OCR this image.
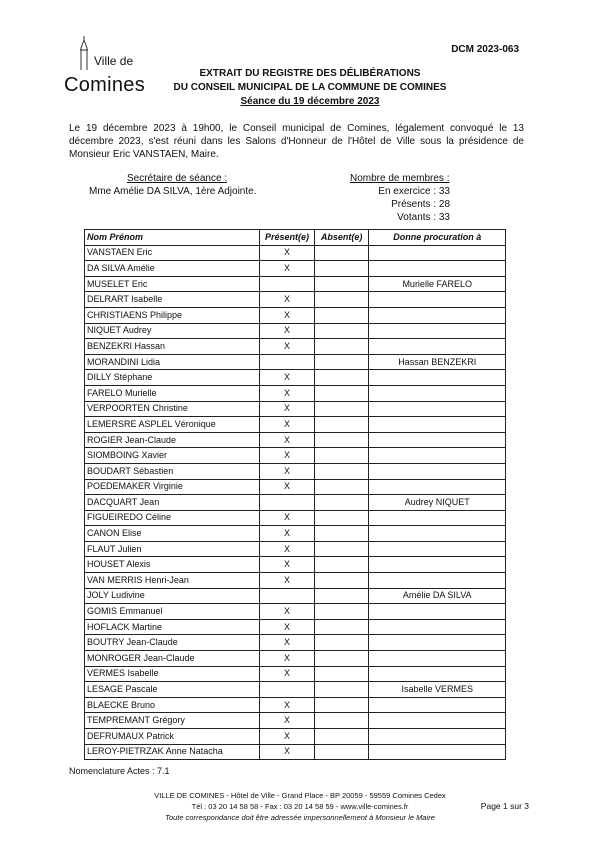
Ville de
Comines
DCM 2023-063
EXTRAIT DU REGISTRE DES DÉLIBÉRATIONS
DU CONSEIL MUNICIPAL DE LA COMMUNE DE COMINES
Séance du 19 décembre 2023
Le 19 décembre 2023 à 19h00, le Conseil municipal de Comines, légalement convoqué le 13 décembre 2023, s'est réuni dans les Salons d'Honneur de l'Hôtel de Ville sous la présidence de Monsieur Eric VANSTAEN, Maire.
Secrétaire de séance :
Mme Amélie DA SILVA, 1ère Adjointe.
Nombre de membres :
En exercice : 33
Présents : 28
Votants : 33
Nom Prénom	Présent(e)	Absent(e)	Donne procuration à
VANSTAEN Eric	X		
DA SILVA Amélie	X		
MUSELET Eric			Murielle FARELO
DELRART Isabelle	X		
CHRISTIAENS Philippe	X		
NIQUET Audrey	X		
BENZEKRI Hassan	X		
MORANDINI Lidia			Hassan BENZEKRI
DILLY Stéphane	X		
FARELO Murielle	X		
VERPOORTEN Christine	X		
LEMERSRE ASPLEL Véronique	X		
ROGIER Jean-Claude	X		
SIOMBOING Xavier	X		
BOUDART Sébastien	X		
POEDEMAKER Virginie	X		
DACQUART Jean			Audrey NIQUET
FIGUEIREDO Céline	X		
CANON Elise	X		
FLAUT Julien	X		
HOUSET Alexis	X		
VAN MERRIS Henri-Jean	X		
JOLY Ludivine			Amélie DA SILVA
GOMIS Emmanuel	X		
HOFLACK Martine	X		
BOUTRY Jean-Claude	X		
MONROGER Jean-Claude	X		
VERMES Isabelle	X		
LESAGE Pascale			Isabelle VERMES
BLAECKE Bruno	X		
TEMPREMANT Grégory	X		
DEFRUMAUX Patrick	X		
LEROY-PIETRZAK Anne Natacha	X		
Nomenclature Actes : 7.1
VILLE DE COMINES - Hôtel de Ville - Grand Place - BP 20059 - 59559 Comines Cedex
Tél : 03 20 14 58 58 - Fax : 03 20 14 58 59 - www.ville-comines.fr
Toute correspondance doit être adressée impersonnellement à Monsieur le Maire
Page 1 sur 3
